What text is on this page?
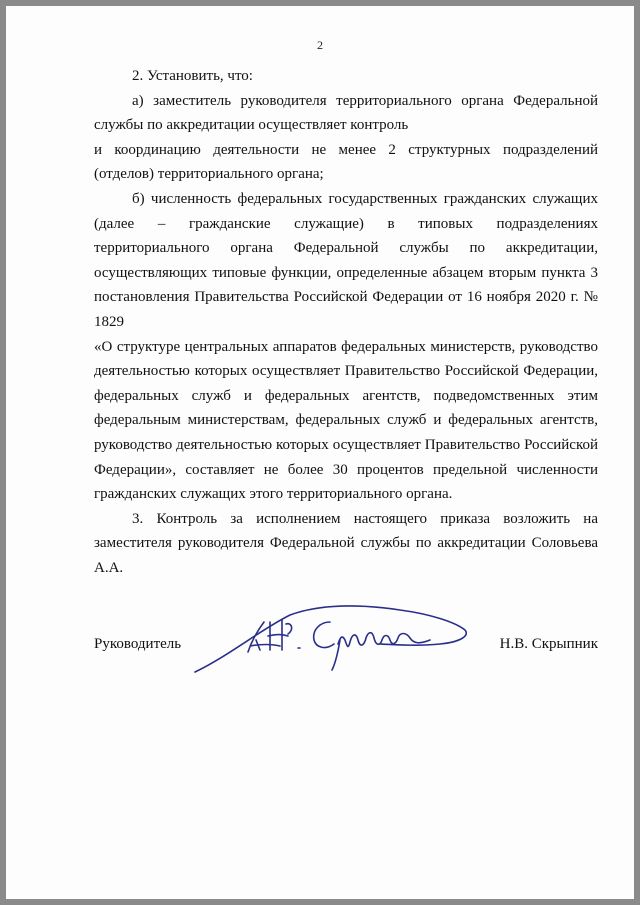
2

2. Установить, что:

а) заместитель руководителя территориального органа Федеральной службы по аккредитации осуществляет контроль

и координацию деятельности не менее 2 структурных подразделений (отделов) территориального органа;

б) численность федеральных государственных гражданских служащих (далее – гражданские служащие) в типовых подразделениях территориального органа Федеральной службы по аккредитации, осуществляющих типовые функции, определенные абзацем вторым пункта 3 постановления Правительства Российской Федерации от 16 ноября 2020 г. № 1829

«О структуре центральных аппаратов федеральных министерств, руководство деятельностью которых осуществляет Правительство Российской Федерации, федеральных служб и федеральных агентств, подведомственных этим федеральным министерствам, федеральных служб и федеральных агентств, руководство деятельностью которых осуществляет Правительство Российской Федерации», составляет не более 30 процентов предельной численности гражданских служащих этого территориального органа.

3. Контроль за исполнением настоящего приказа возложить на заместителя руководителя Федеральной службы по аккредитации Соловьева А.А.

Руководитель	Н.В. Скрыпник
